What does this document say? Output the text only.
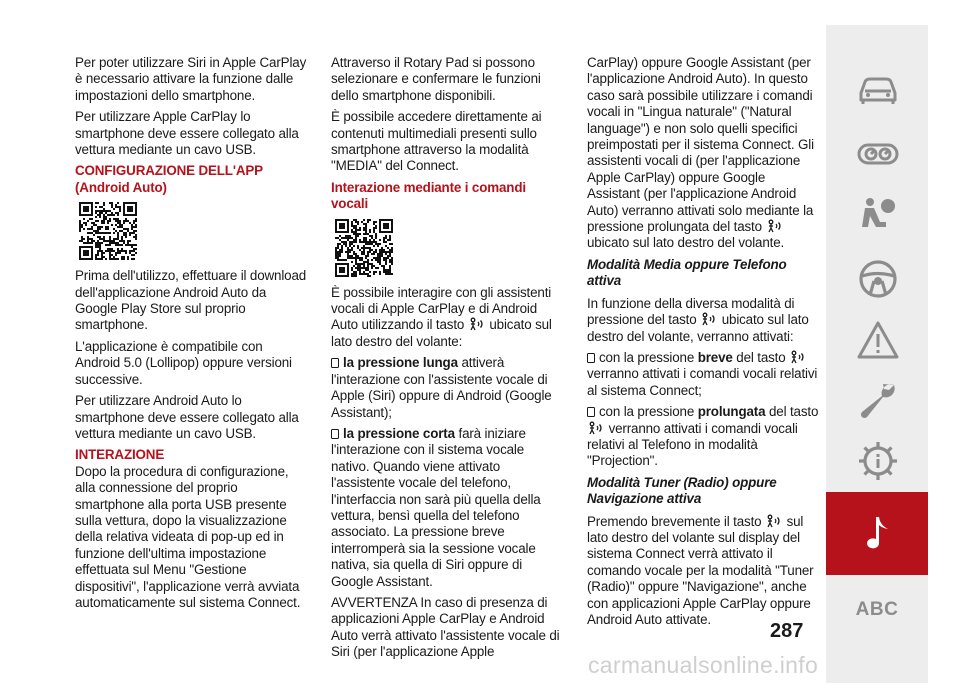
Per poter utilizzare Siri in Apple CarPlay è necessario attivare la funzione dalle impostazioni dello smartphone.

Per utilizzare Apple CarPlay lo smartphone deve essere collegato alla vettura mediante un cavo USB.

CONFIGURAZIONE DELL'APP (Android Auto)

Prima dell'utilizzo, effettuare il download dell'applicazione Android Auto da Google Play Store sul proprio smartphone.

L'applicazione è compatibile con Android 5.0 (Lollipop) oppure versioni successive.

Per utilizzare Android Auto lo smartphone deve essere collegato alla vettura mediante un cavo USB.

INTERAZIONE

Dopo la procedura di configurazione, alla connessione del proprio smartphone alla porta USB presente sulla vettura, dopo la visualizzazione della relativa videata di pop-up ed in funzione dell'ultima impostazione effettuata sul Menu "Gestione dispositivi", l'applicazione verrà avviata automaticamente sul sistema Connect.

Attraverso il Rotary Pad si possono selezionare e confermare le funzioni dello smartphone disponibili.

È possibile accedere direttamente ai contenuti multimediali presenti sullo smartphone attraverso la modalità "MEDIA" del Connect.

Interazione mediante i comandi vocali

È possibile interagire con gli assistenti vocali di Apple CarPlay e di Android Auto utilizzando il tasto ubicato sul lato destro del volante:

la pressione lunga attiverà l'interazione con l'assistente vocale di Apple (Siri) oppure di Android (Google Assistant);

la pressione corta farà iniziare l'interazione con il sistema vocale nativo. Quando viene attivato l'assistente vocale del telefono, l'interfaccia non sarà più quella della vettura, bensì quella del telefono associato. La pressione breve interromperà sia la sessione vocale nativa, sia quella di Siri oppure di Google Assistant.

AVVERTENZA In caso di presenza di applicazioni Apple CarPlay e Android Auto verrà attivato l'assistente vocale di Siri (per l'applicazione Apple

CarPlay) oppure Google Assistant (per l'applicazione Android Auto). In questo caso sarà possibile utilizzare i comandi vocali in "Lingua naturale" ("Natural language") e non solo quelli specifici preimpostati per il sistema Connect. Gli assistenti vocali di (per l'applicazione Apple CarPlay) oppure Google Assistant (per l'applicazione Android Auto) verranno attivati solo mediante la pressione prolungata del tasto  ubicato sul lato destro del volante.

Modalità Media oppure Telefono attiva

In funzione della diversa modalità di pressione del tasto ubicato sul lato destro del volante, verranno attivati:

con la pressione breve del tasto  verranno attivati i comandi vocali relativi al sistema Connect;

con la pressione prolungata del tasto  verranno attivati i comandi vocali relativi al Telefono in modalità "Projection".

Modalità Tuner (Radio) oppure Navigazione attiva

Premendo brevemente il tasto sul lato destro del volante sul display del sistema Connect verrà attivato il comando vocale per la modalità "Tuner (Radio)" oppure "Navigazione", anche con applicazioni Apple CarPlay oppure Android Auto attivate.	ABC
287
carmanualsonline.info
